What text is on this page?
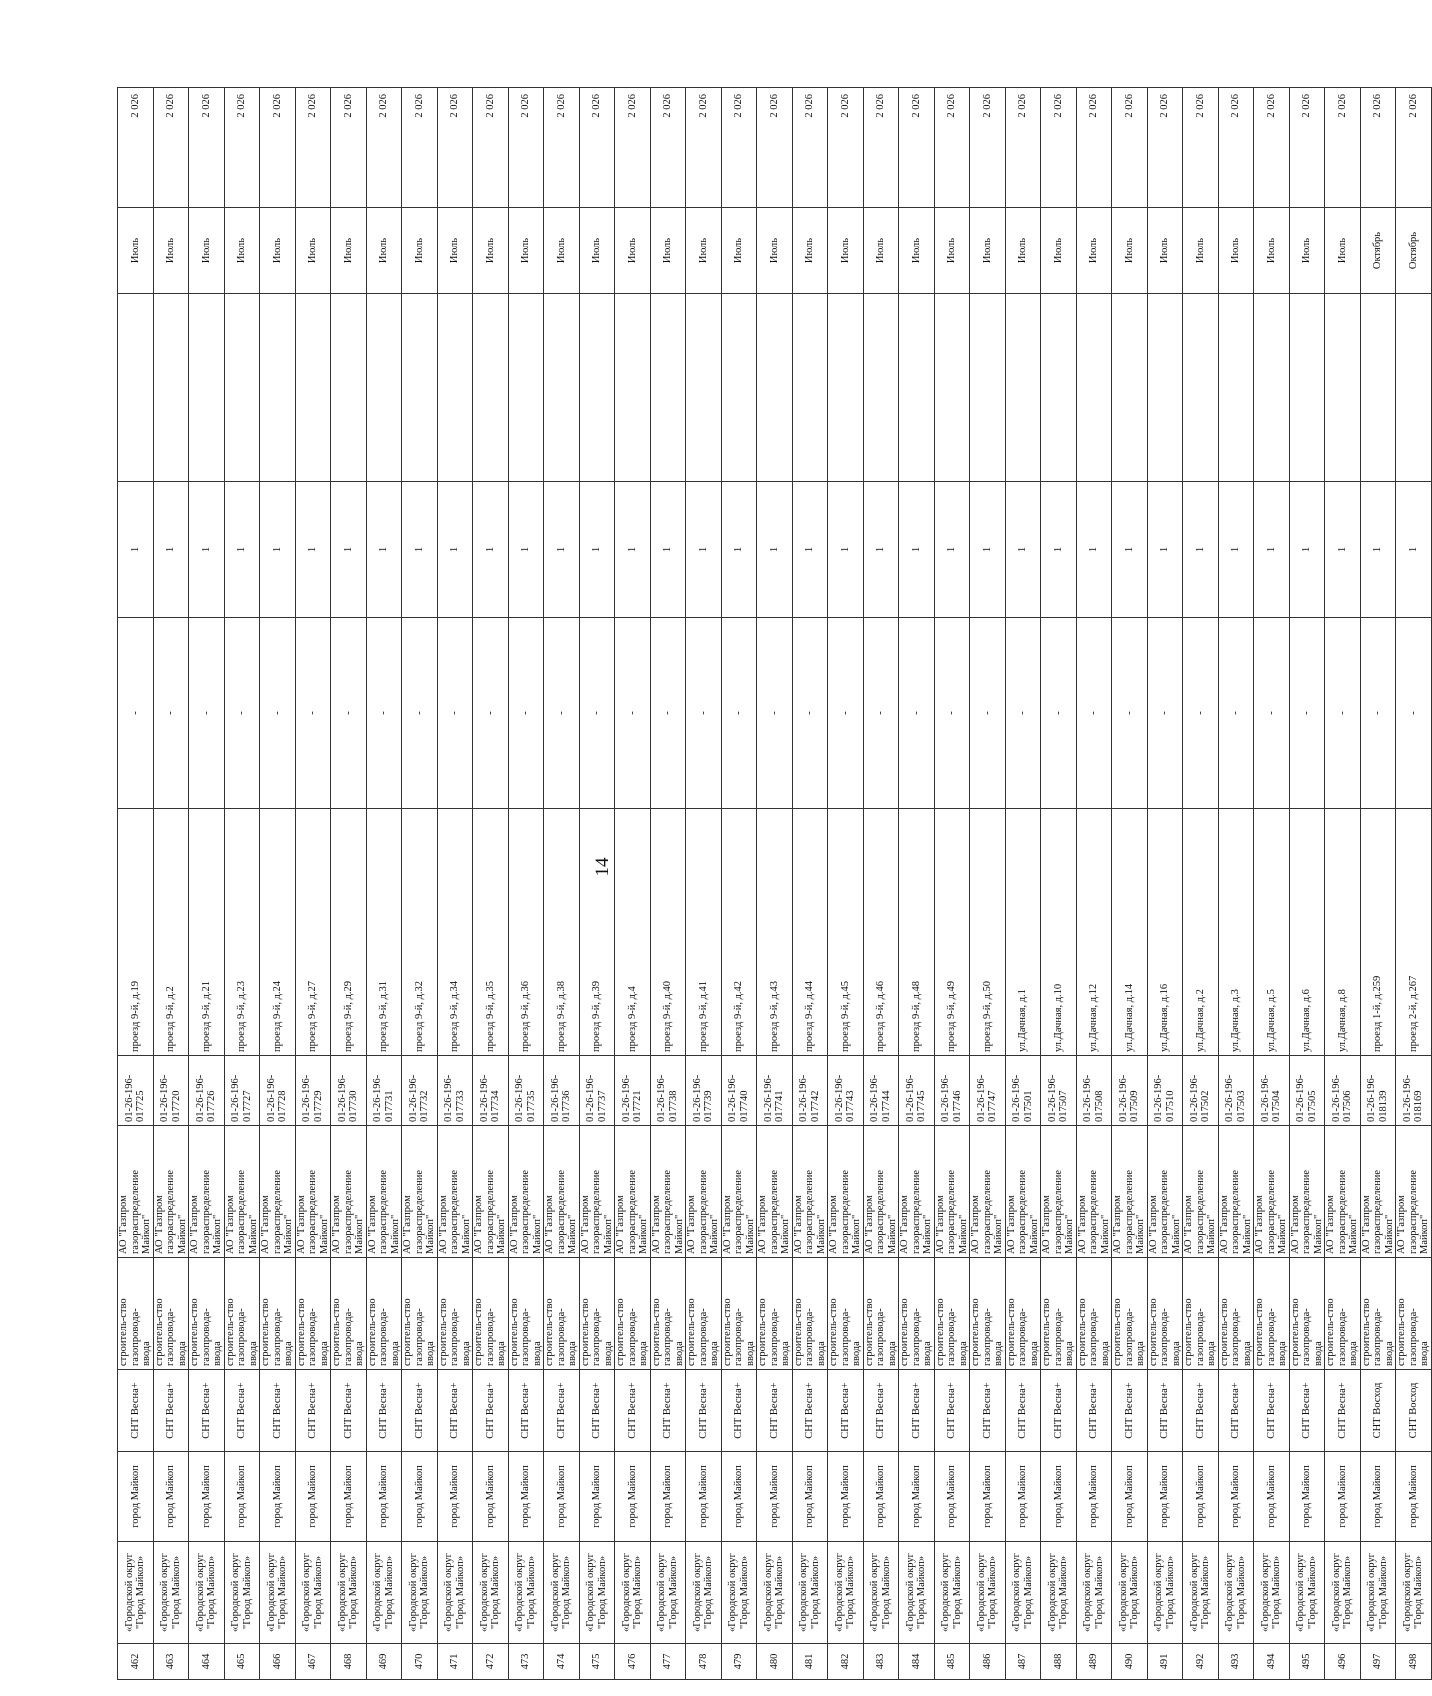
14
462	«Городской округ "Город Майкоп»	город Майкоп	СНТ Весна+	строитель-ство газопровода- ввода	АО "Газпром газораспределение Майкоп"	01-26-196- 017725	проезд 9-й, д.19	-	1		Июль	2 026
463	«Городской округ "Город Майкоп»	город Майкоп	СНТ Весна+	строитель-ство газопровода- ввода	АО "Газпром газораспределение Майкоп"	01-26-196- 017720	проезд 9-й, д.2	-	1		Июль	2 026
464	«Городской округ "Город Майкоп»	город Майкоп	СНТ Весна+	строитель-ство газопровода- ввода	АО "Газпром газораспределение Майкоп"	01-26-196- 017726	проезд 9-й, д.21	-	1		Июль	2 026
465	«Городской округ "Город Майкоп»	город Майкоп	СНТ Весна+	строитель-ство газопровода- ввода	АО "Газпром газораспределение Майкоп"	01-26-196- 017727	проезд 9-й, д.23	-	1		Июль	2 026
466	«Городской округ "Город Майкоп»	город Майкоп	СНТ Весна+	строитель-ство газопровода- ввода	АО "Газпром газораспределение Майкоп"	01-26-196- 017728	проезд 9-й, д.24	-	1		Июль	2 026
467	«Городской округ "Город Майкоп»	город Майкоп	СНТ Весна+	строитель-ство газопровода- ввода	АО "Газпром газораспределение Майкоп"	01-26-196- 017729	проезд 9-й, д.27	-	1		Июль	2 026
468	«Городской округ "Город Майкоп»	город Майкоп	СНТ Весна+	строитель-ство газопровода- ввода	АО "Газпром газораспределение Майкоп"	01-26-196- 017730	проезд 9-й, д.29	-	1		Июль	2 026
469	«Городской округ "Город Майкоп»	город Майкоп	СНТ Весна+	строитель-ство газопровода- ввода	АО "Газпром газораспределение Майкоп"	01-26-196- 017731	проезд 9-й, д.31	-	1		Июль	2 026
470	«Городской округ "Город Майкоп»	город Майкоп	СНТ Весна+	строитель-ство газопровода- ввода	АО "Газпром газораспределение Майкоп"	01-26-196- 017732	проезд 9-й, д.32	-	1		Июль	2 026
471	«Городской округ "Город Майкоп»	город Майкоп	СНТ Весна+	строитель-ство газопровода- ввода	АО "Газпром газораспределение Майкоп"	01-26-196- 017733	проезд 9-й, д.34	-	1		Июль	2 026
472	«Городской округ "Город Майкоп»	город Майкоп	СНТ Весна+	строитель-ство газопровода- ввода	АО "Газпром газораспределение Майкоп"	01-26-196- 017734	проезд 9-й, д.35	-	1		Июль	2 026
473	«Городской округ "Город Майкоп»	город Майкоп	СНТ Весна+	строитель-ство газопровода- ввода	АО "Газпром газораспределение Майкоп"	01-26-196- 017735	проезд 9-й, д.36	-	1		Июль	2 026
474	«Городской округ "Город Майкоп»	город Майкоп	СНТ Весна+	строитель-ство газопровода- ввода	АО "Газпром газораспределение Майкоп"	01-26-196- 017736	проезд 9-й, д.38	-	1		Июль	2 026
475	«Городской округ "Город Майкоп»	город Майкоп	СНТ Весна+	строитель-ство газопровода- ввода	АО "Газпром газораспределение Майкоп"	01-26-196- 017737	проезд 9-й, д.39	-	1		Июль	2 026
476	«Городской округ "Город Майкоп»	город Майкоп	СНТ Весна+	строитель-ство газопровода- ввода	АО "Газпром газораспределение Майкоп"	01-26-196- 017721	проезд 9-й, д.4	-	1		Июль	2 026
477	«Городской округ "Город Майкоп»	город Майкоп	СНТ Весна+	строитель-ство газопровода- ввода	АО "Газпром газораспределение Майкоп"	01-26-196- 017738	проезд 9-й, д.40	-	1		Июль	2 026
478	«Городской округ "Город Майкоп»	город Майкоп	СНТ Весна+	строитель-ство газопровода- ввода	АО "Газпром газораспределение Майкоп"	01-26-196- 017739	проезд 9-й, д.41	-	1		Июль	2 026
479	«Городской округ "Город Майкоп»	город Майкоп	СНТ Весна+	строитель-ство газопровода- ввода	АО "Газпром газораспределение Майкоп"	01-26-196- 017740	проезд 9-й, д.42	-	1		Июль	2 026
480	«Городской округ "Город Майкоп»	город Майкоп	СНТ Весна+	строитель-ство газопровода- ввода	АО "Газпром газораспределение Майкоп"	01-26-196- 017741	проезд 9-й, д.43	-	1		Июль	2 026
481	«Городской округ "Город Майкоп»	город Майкоп	СНТ Весна+	строитель-ство газопровода- ввода	АО "Газпром газораспределение Майкоп"	01-26-196- 017742	проезд 9-й, д.44	-	1		Июль	2 026
482	«Городской округ "Город Майкоп»	город Майкоп	СНТ Весна+	строитель-ство газопровода- ввода	АО "Газпром газораспределение Майкоп"	01-26-196- 017743	проезд 9-й, д.45	-	1		Июль	2 026
483	«Городской округ "Город Майкоп»	город Майкоп	СНТ Весна+	строитель-ство газопровода- ввода	АО "Газпром газораспределение Майкоп"	01-26-196- 017744	проезд 9-й, д.46	-	1		Июль	2 026
484	«Городской округ "Город Майкоп»	город Майкоп	СНТ Весна+	строитель-ство газопровода- ввода	АО "Газпром газораспределение Майкоп"	01-26-196- 017745	проезд 9-й, д.48	-	1		Июль	2 026
485	«Городской округ "Город Майкоп»	город Майкоп	СНТ Весна+	строитель-ство газопровода- ввода	АО "Газпром газораспределение Майкоп"	01-26-196- 017746	проезд 9-й, д.49	-	1		Июль	2 026
486	«Городской округ "Город Майкоп»	город Майкоп	СНТ Весна+	строитель-ство газопровода- ввода	АО "Газпром газораспределение Майкоп"	01-26-196- 017747	проезд 9-й, д.50	-	1		Июль	2 026
487	«Городской округ "Город Майкоп»	город Майкоп	СНТ Весна+	строитель-ство газопровода- ввода	АО "Газпром газораспределение Майкоп"	01-26-196- 017501	ул.Дачная, д.1	-	1		Июль	2 026
488	«Городской округ "Город Майкоп»	город Майкоп	СНТ Весна+	строитель-ство газопровода- ввода	АО "Газпром газораспределение Майкоп"	01-26-196- 017507	ул.Дачная, д.10	-	1		Июль	2 026
489	«Городской округ "Город Майкоп»	город Майкоп	СНТ Весна+	строитель-ство газопровода- ввода	АО "Газпром газораспределение Майкоп"	01-26-196- 017508	ул.Дачная, д.12	-	1		Июль	2 026
490	«Городской округ "Город Майкоп»	город Майкоп	СНТ Весна+	строитель-ство газопровода- ввода	АО "Газпром газораспределение Майкоп"	01-26-196- 017509	ул.Дачная, д.14	-	1		Июль	2 026
491	«Городской округ "Город Майкоп»	город Майкоп	СНТ Весна+	строитель-ство газопровода- ввода	АО "Газпром газораспределение Майкоп"	01-26-196- 017510	ул.Дачная, д.16	-	1		Июль	2 026
492	«Городской округ "Город Майкоп»	город Майкоп	СНТ Весна+	строитель-ство газопровода- ввода	АО "Газпром газораспределение Майкоп"	01-26-196- 017502	ул.Дачная, д.2	-	1		Июль	2 026
493	«Городской округ "Город Майкоп»	город Майкоп	СНТ Весна+	строитель-ство газопровода- ввода	АО "Газпром газораспределение Майкоп"	01-26-196- 017503	ул.Дачная, д.3	-	1		Июль	2 026
494	«Городской округ "Город Майкоп»	город Майкоп	СНТ Весна+	строитель-ство газопровода- ввода	АО "Газпром газораспределение Майкоп"	01-26-196- 017504	ул.Дачная, д.5	-	1		Июль	2 026
495	«Городской округ "Город Майкоп»	город Майкоп	СНТ Весна+	строитель-ство газопровода- ввода	АО "Газпром газораспределение Майкоп"	01-26-196- 017505	ул.Дачная, д.6	-	1		Июль	2 026
496	«Городской округ "Город Майкоп»	город Майкоп	СНТ Весна+	строитель-ство газопровода- ввода	АО "Газпром газораспределение Майкоп"	01-26-196- 017506	ул.Дачная, д.8	-	1		Июль	2 026
497	«Городской округ "Город Майкоп»	город Майкоп	СНТ Восход	строитель-ство газопровода- ввода	АО "Газпром газораспределение Майкоп"	01-26-196- 018139	проезд 1-й, д.259	-	1		Октябрь	2 026
498	«Городской округ "Город Майкоп»	город Майкоп	СНТ Восход	строитель-ство газопровода- ввода	АО "Газпром газораспределение Майкоп"	01-26-196- 018169	проезд 2-й, д.267	-	1		Октябрь	2 026
